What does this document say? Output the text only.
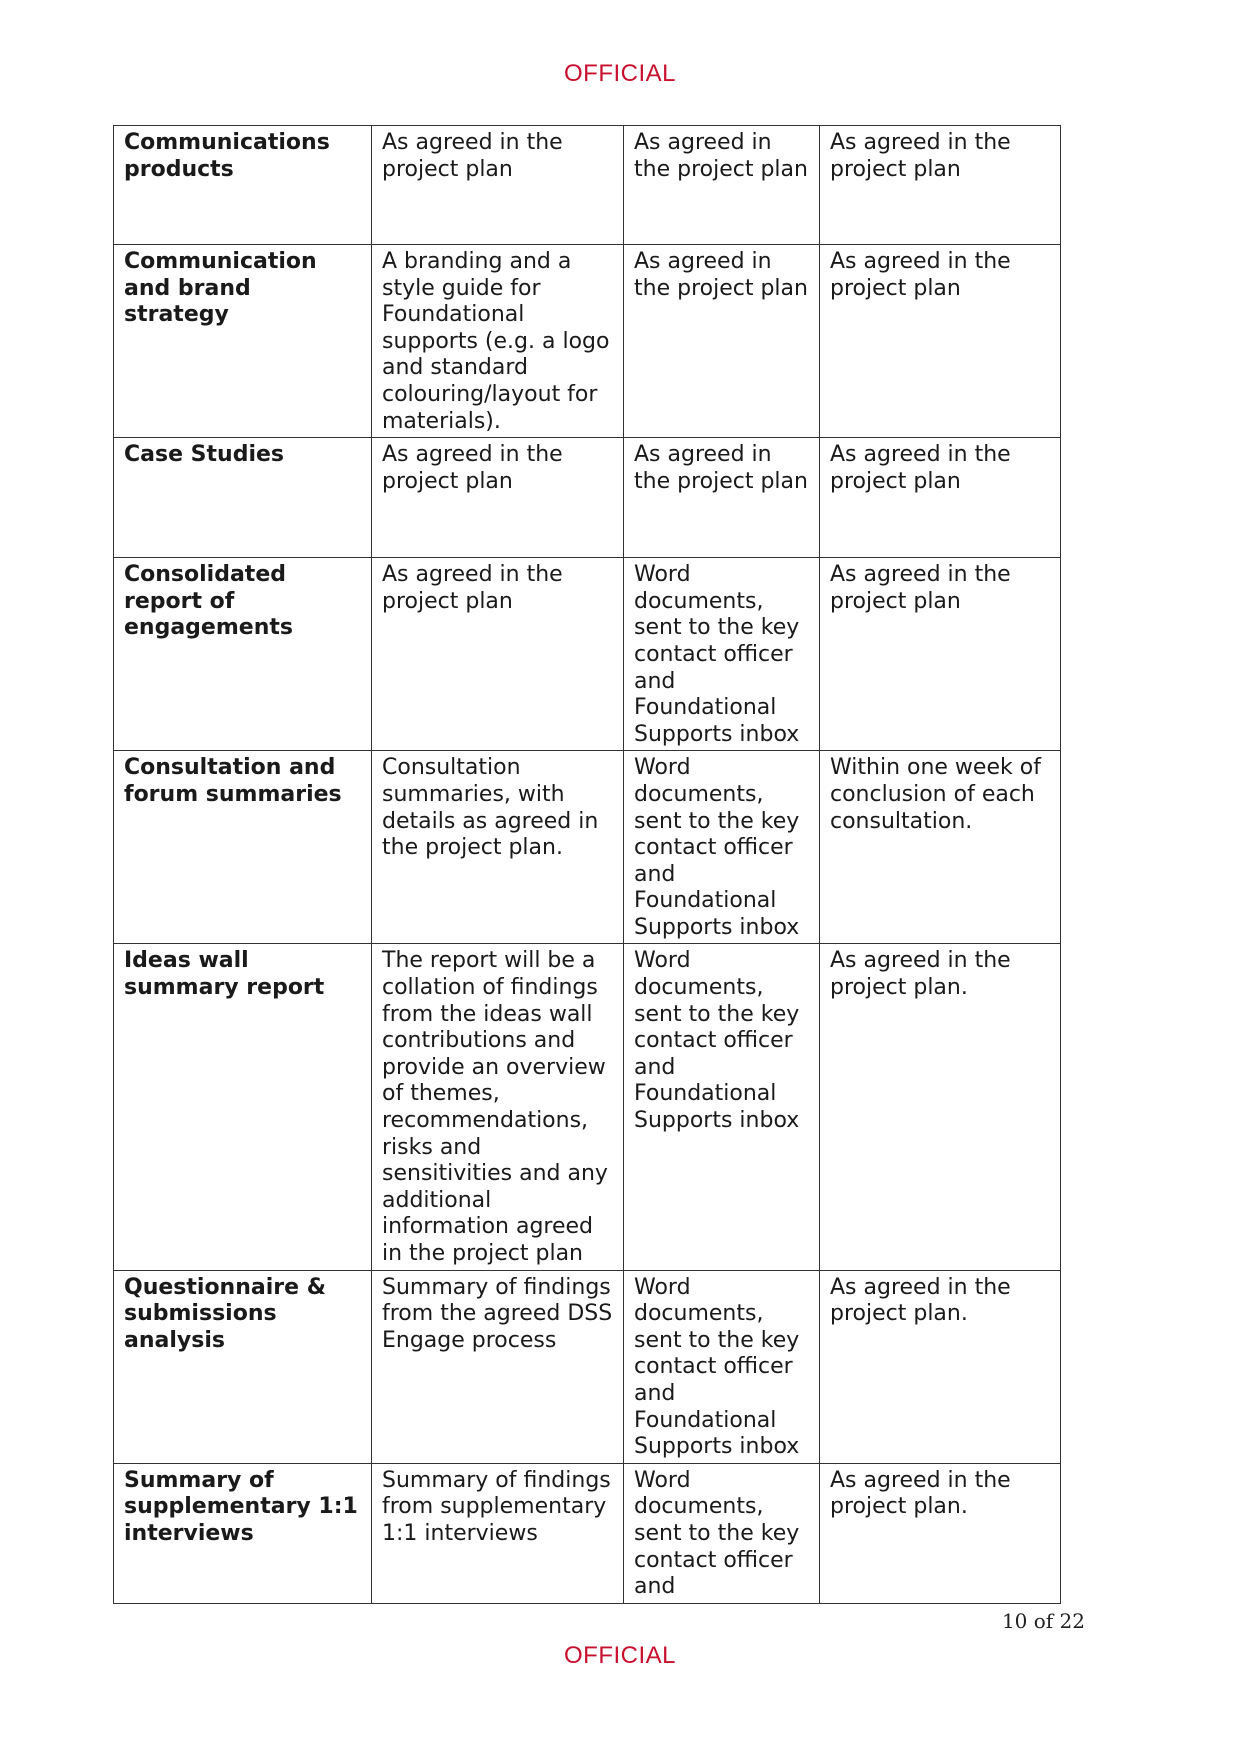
OFFICIAL
Communications products	As agreed in the project plan	As agreed in the project plan	As agreed in the project plan
Communication and brand strategy	A branding and a style guide for Foundational supports (e.g. a logo and standard colouring/layout for materials).	As agreed in the project plan	As agreed in the project plan
Case Studies	As agreed in the project plan	As agreed in the project plan	As agreed in the project plan
Consolidated report of engagements	As agreed in the project plan	Word documents, sent to the key contact officer and Foundational Supports inbox	As agreed in the project plan
Consultation and forum summaries	Consultation summaries, with details as agreed in the project plan.	Word documents, sent to the key contact officer and Foundational Supports inbox	Within one week of conclusion of each consultation.
Ideas wall summary report	The report will be a collation of findings from the ideas wall contributions and provide an overview of themes, recommendations, risks and sensitivities and any additional information agreed in the project plan	Word documents, sent to the key contact officer and Foundational Supports inbox	As agreed in the project plan.
Questionnaire & submissions analysis	Summary of findings from the agreed DSS Engage process	Word documents, sent to the key contact officer and Foundational Supports inbox	As agreed in the project plan.
Summary of supplementary 1:1 interviews	Summary of findings from supplementary 1:1 interviews	Word documents, sent to the key contact officer and	As agreed in the project plan.
10 of 22
OFFICIAL
